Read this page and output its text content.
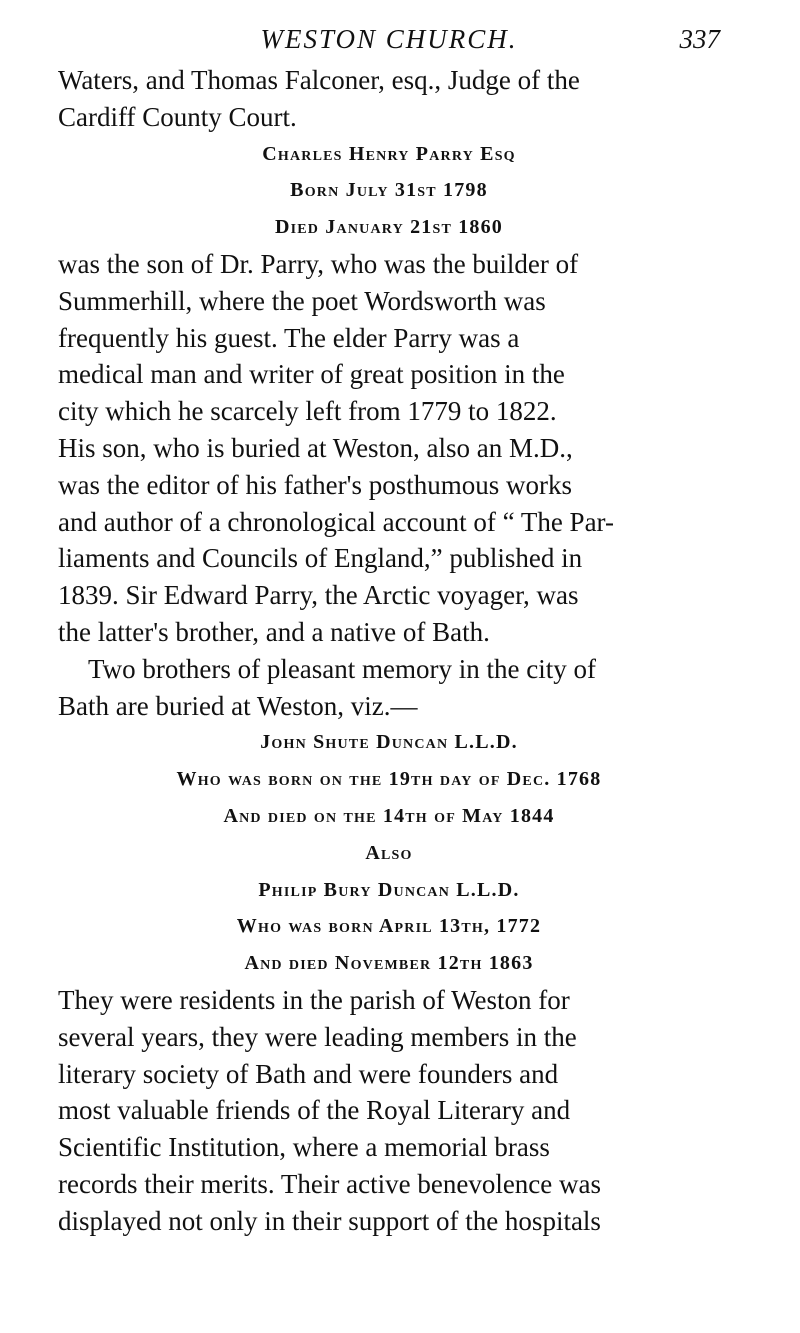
WESTON CHURCH.	337

Waters, and Thomas Falconer, esq., Judge of the
Cardiff County Court.

Charles Henry Parry Esq
Born July 31st 1798
Died January 21st 1860

was the son of Dr. Parry, who was the builder of
Summerhill, where the poet Wordsworth was
frequently his guest. The elder Parry was a
medical man and writer of great position in the
city which he scarcely left from 1779 to 1822.
His son, who is buried at Weston, also an M.D.,
was the editor of his father's posthumous works
and author of a chronological account of “ The Par-
liaments and Councils of England,” published in
1839. Sir Edward Parry, the Arctic voyager, was
the latter's brother, and a native of Bath.

Two brothers of pleasant memory in the city of
Bath are buried at Weston, viz.—

John Shute Duncan L.L.D.
Who was born on the 19th day of Dec. 1768
And died on the 14th of May 1844
Also
Philip Bury Duncan L.L.D.
Who was born April 13th, 1772
And died November 12th 1863

They were residents in the parish of Weston for
several years, they were leading members in the
literary society of Bath and were founders and
most valuable friends of the Royal Literary and
Scientific Institution, where a memorial brass
records their merits. Their active benevolence was
displayed not only in their support of the hospitals
